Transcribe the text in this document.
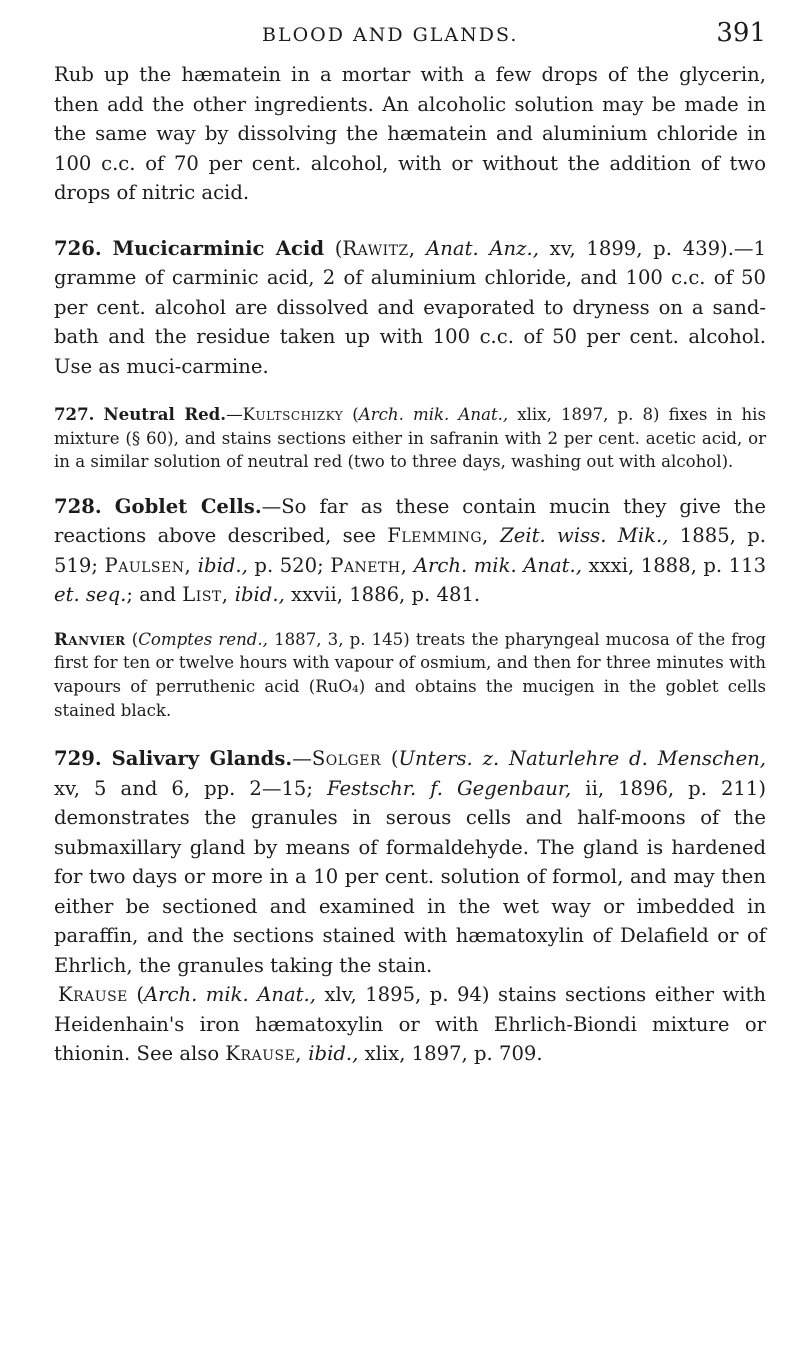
BLOOD AND GLANDS.	391

Rub up the hæmatein in a mortar with a few drops of the glycerin, then add the other ingredients. An alcoholic solution may be made in the same way by dissolving the hæmatein and aluminium chloride in 100 c.c. of 70 per cent. alcohol, with or without the addition of two drops of nitric acid.

726. Mucicarminic Acid (Rawitz, Anat. Anz., xv, 1899, p. 439).—1 gramme of carminic acid, 2 of aluminium chloride, and 100 c.c. of 50 per cent. alcohol are dissolved and evaporated to dryness on a sand-bath and the residue taken up with 100 c.c. of 50 per cent. alcohol. Use as muci-carmine.

727. Neutral Red.—Kultschizky (Arch. mik. Anat., xlix, 1897, p. 8) fixes in his mixture (§ 60), and stains sections either in safranin with 2 per cent. acetic acid, or in a similar solution of neutral red (two to three days, washing out with alcohol).

728. Goblet Cells.—So far as these contain mucin they give the reactions above described, see Flemming, Zeit. wiss. Mik., 1885, p. 519; Paulsen, ibid., p. 520; Paneth, Arch. mik. Anat., xxxi, 1888, p. 113 et. seq.; and List, ibid., xxvii, 1886, p. 481.

Ranvier (Comptes rend., 1887, 3, p. 145) treats the pharyngeal mucosa of the frog first for ten or twelve hours with vapour of osmium, and then for three minutes with vapours of perruthenic acid (RuO₄) and obtains the mucigen in the goblet cells stained black.

729. Salivary Glands.—Solger (Unters. z. Naturlehre d. Menschen, xv, 5 and 6, pp. 2—15; Festschr. f. Gegenbaur, ii, 1896, p. 211) demonstrates the granules in serous cells and half-moons of the submaxillary gland by means of formaldehyde. The gland is hardened for two days or more in a 10 per cent. solution of formol, and may then either be sectioned and examined in the wet way or imbedded in paraffin, and the sections stained with hæmatoxylin of Delafield or of Ehrlich, the granules taking the stain.

Krause (Arch. mik. Anat., xlv, 1895, p. 94) stains sections either with Heidenhain's iron hæmatoxylin or with Ehrlich-Biondi mixture or thionin. See also Krause, ibid., xlix, 1897, p. 709.
